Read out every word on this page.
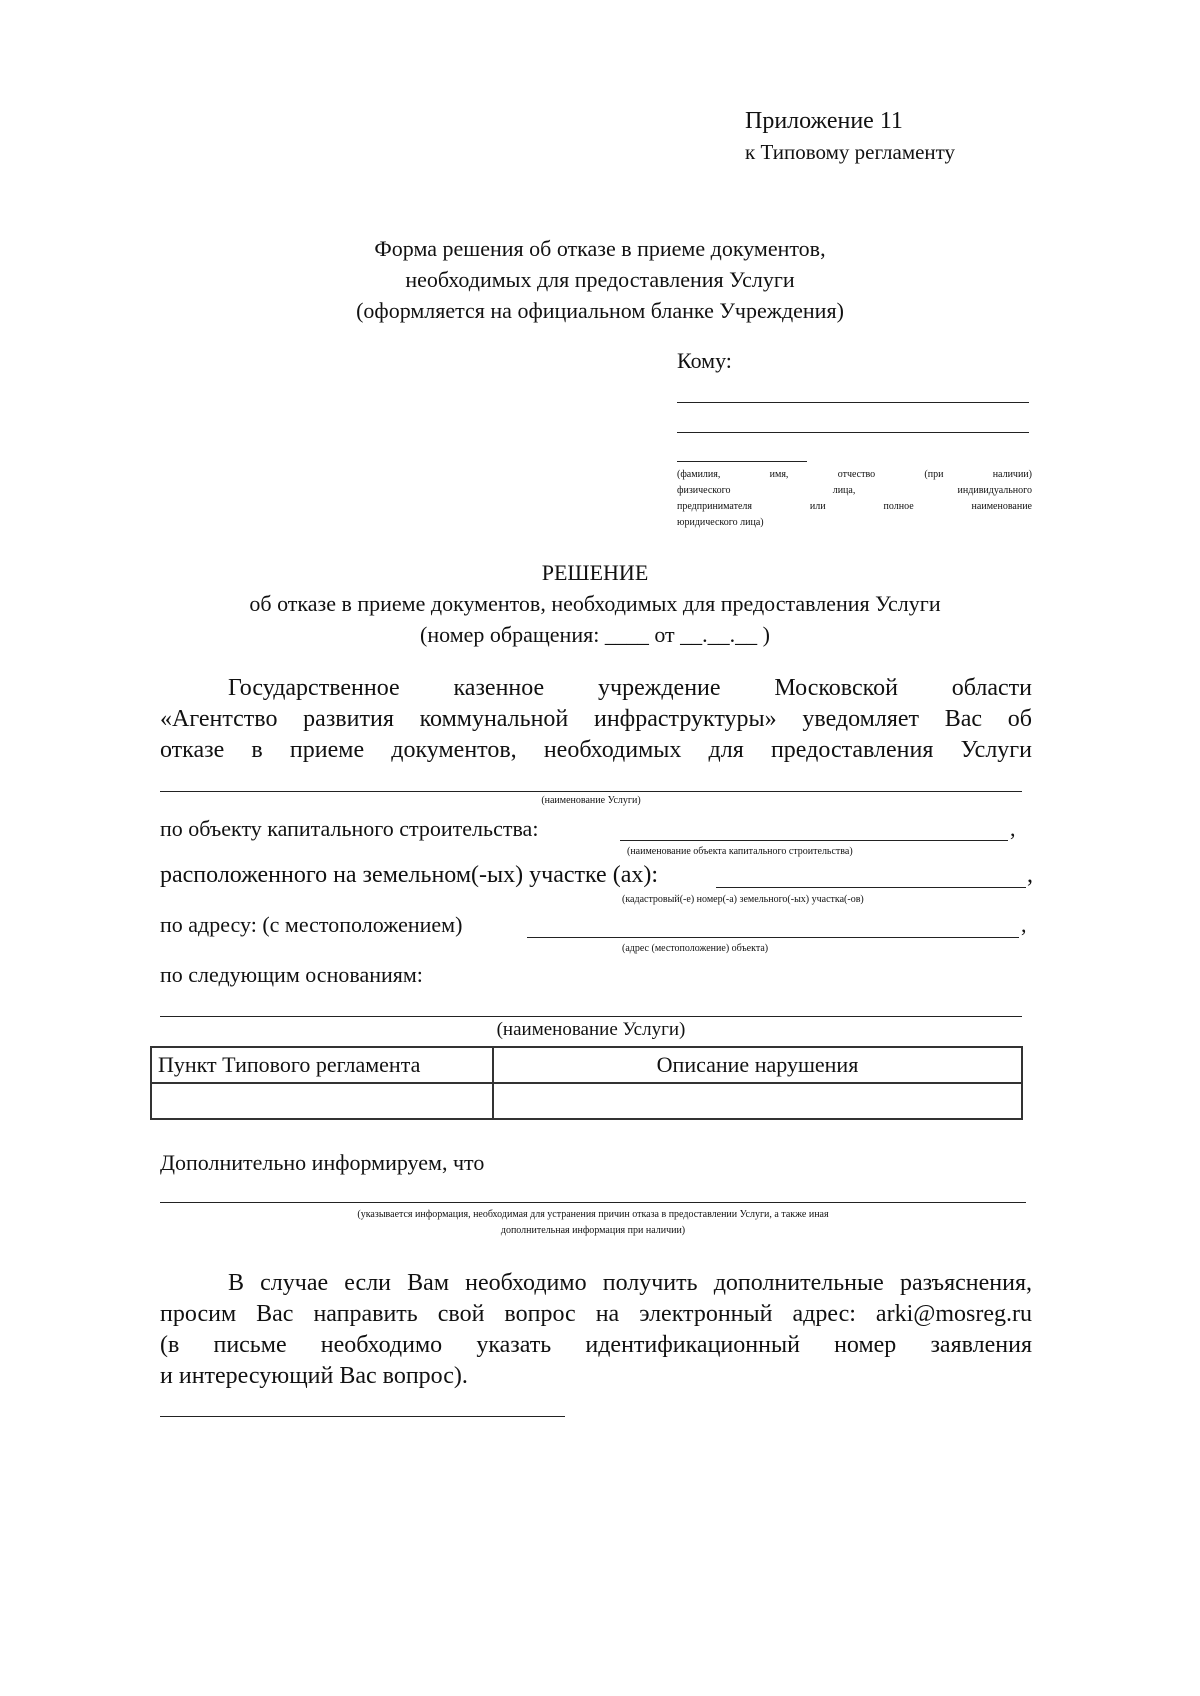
Приложение 11
к Типовому регламенту
Форма решения об отказе в приеме документов,
необходимых для предоставления Услуги
(оформляется на официальном бланке Учреждения)
Кому:
(фамилия, имя, отчество (при наличии)
физического лица, индивидуального
предпринимателя или полное наименование
юридического лица)
РЕШЕНИЕ
об отказе в приеме документов, необходимых для предоставления Услуги
(номер обращения: ____ от __.__.__ )
Государственное казенное учреждение Московской области
«Агентство развития коммунальной инфраструктуры» уведомляет Вас об
отказе в приеме документов, необходимых для предоставления Услуги
(наименование Услуги)
по объекту капитального строительства:	,
(наименование объекта капитального строительства)
расположенного на земельном(-ых) участке (ах):	,
(кадастровый(-е) номер(-а) земельного(-ых) участка(-ов)
по адресу: (с местоположением)	,
(адрес (местоположение) объекта)
по следующим основаниям:
(наименование Услуги)
Пункт Типового регламента	Описание нарушения

Дополнительно информируем, что
(указывается информация, необходимая для устранения причин отказа в предоставлении Услуги, а также иная
дополнительная информация при наличии)
В случае если Вам необходимо получить дополнительные разъяснения,
просим Вас направить свой вопрос на электронный адрес: arki@mosreg.ru
(в письме необходимо указать идентификационный номер заявления
и интересующий Вас вопрос).
